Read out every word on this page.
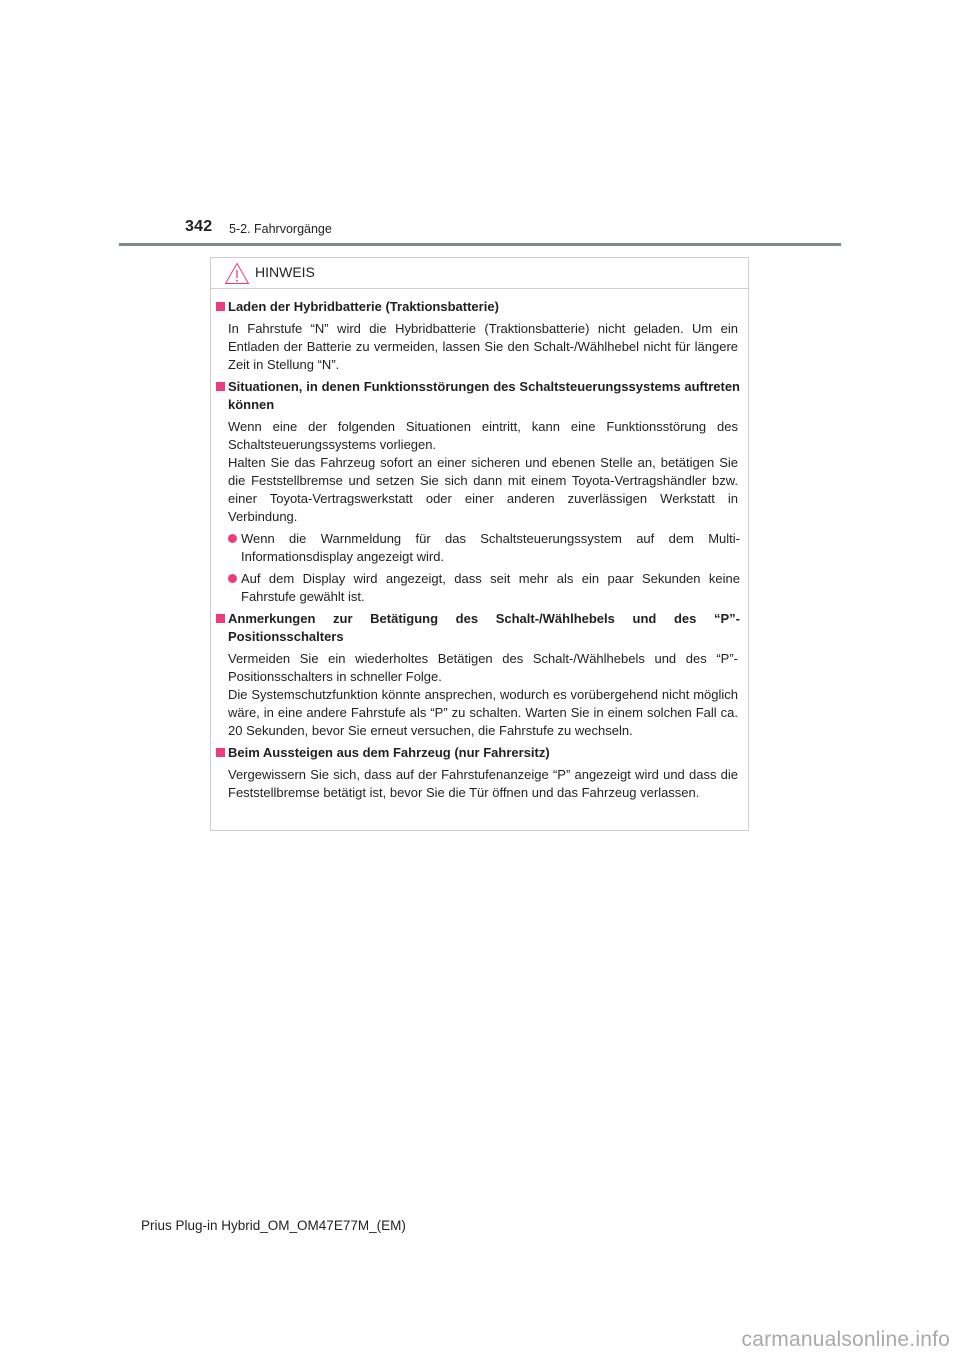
342 5-2. Fahrvorgänge
HINWEIS
Laden der Hybridbatterie (Traktionsbatterie)
In Fahrstufe “N” wird die Hybridbatterie (Traktionsbatterie) nicht geladen. Um ein Entladen der Batterie zu vermeiden, lassen Sie den Schalt-/Wählhebel nicht für längere Zeit in Stellung “N”.
Situationen, in denen Funktionsstörungen des Schaltsteuerungssystems auftreten können
Wenn eine der folgenden Situationen eintritt, kann eine Funktionsstörung des Schaltsteuerungssystems vorliegen.
Halten Sie das Fahrzeug sofort an einer sicheren und ebenen Stelle an, betätigen Sie die Feststellbremse und setzen Sie sich dann mit einem Toyota-Vertragshändler bzw. einer Toyota-Vertragswerkstatt oder einer anderen zuverlässigen Werkstatt in Verbindung.
Wenn die Warnmeldung für das Schaltsteuerungssystem auf dem Multi-Informationsdisplay angezeigt wird.
Auf dem Display wird angezeigt, dass seit mehr als ein paar Sekunden keine Fahrstufe gewählt ist.
Anmerkungen zur Betätigung des Schalt-/Wählhebels und des “P”-Positionsschalters
Vermeiden Sie ein wiederholtes Betätigen des Schalt-/Wählhebels und des “P”-Positionsschalters in schneller Folge.
Die Systemschutzfunktion könnte ansprechen, wodurch es vorübergehend nicht möglich wäre, in eine andere Fahrstufe als “P” zu schalten. Warten Sie in einem solchen Fall ca. 20 Sekunden, bevor Sie erneut versuchen, die Fahrstufe zu wechseln.
Beim Aussteigen aus dem Fahrzeug (nur Fahrersitz)
Vergewissern Sie sich, dass auf der Fahrstufenanzeige “P” angezeigt wird und dass die Feststellbremse betätigt ist, bevor Sie die Tür öffnen und das Fahrzeug verlassen.
Prius Plug-in Hybrid_OM_OM47E77M_(EM)
carmanualsonline.info
